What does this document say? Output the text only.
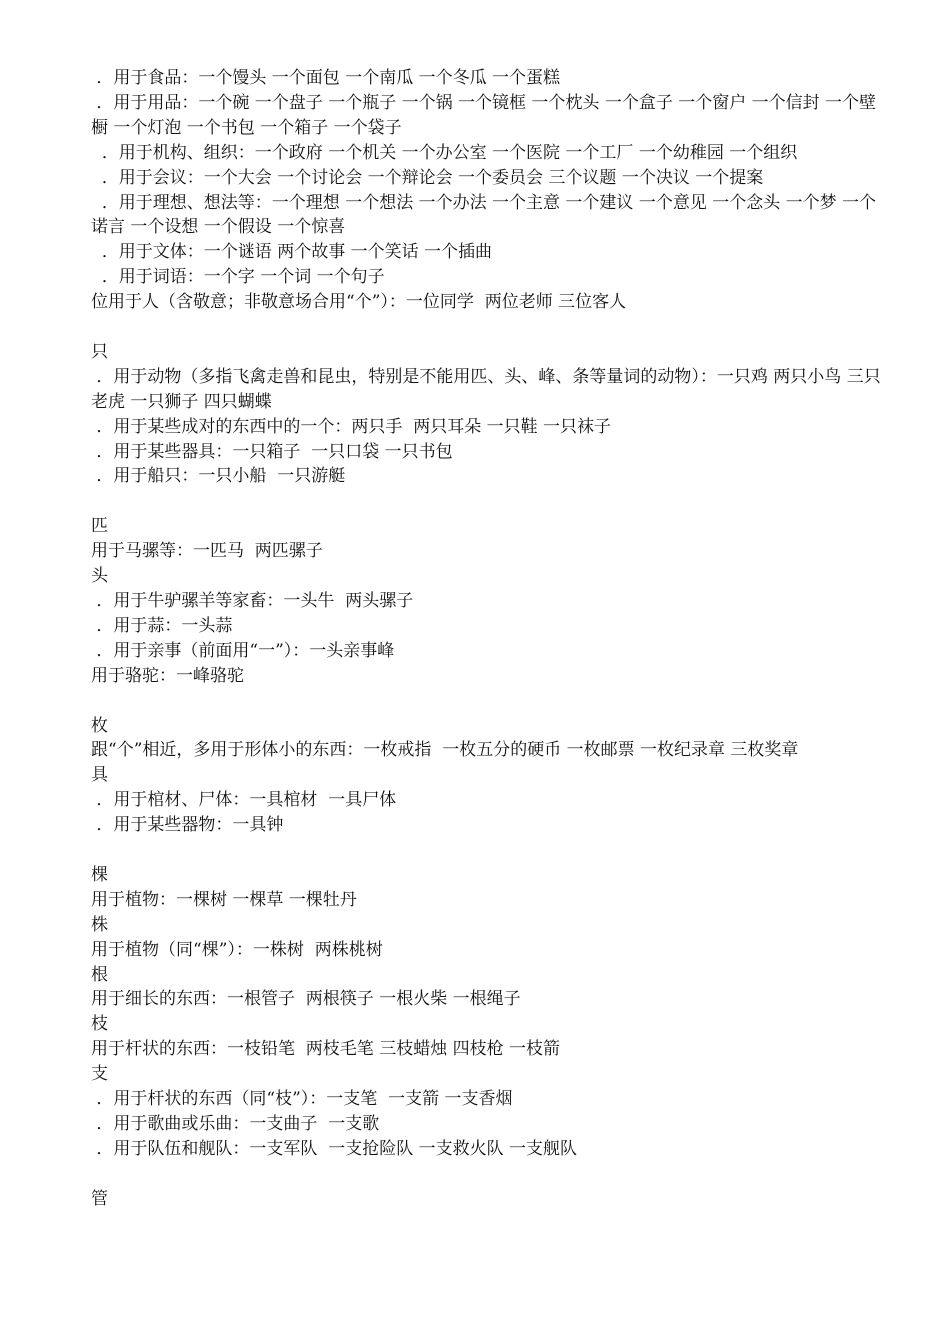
．用于食品：一个馒头 一个面包 一个南瓜 一个冬瓜 一个蛋糕

．用于用品：一个碗 一个盘子 一个瓶子 一个锅 一个镜框 一个枕头 一个盒子 一个窗户 一个信封 一个壁橱 一个灯泡 一个书包 一个箱子 一个袋子

．用于机构、组织：一个政府 一个机关 一个办公室 一个医院 一个工厂 一个幼稚园 一个组织

．用于会议：一个大会 一个讨论会 一个辩论会 一个委员会 三个议题 一个决议 一个提案

．用于理想、想法等：一个理想 一个想法 一个办法 一个主意 一个建议 一个意见 一个念头 一个梦 一个诺言 一个设想 一个假设 一个惊喜

．用于文体：一个谜语 两个故事 一个笑话 一个插曲

．用于词语：一个字 一个词 一个句子

位用于人（含敬意；非敬意场合用“个”）：一位同学  两位老师 三位客人

只

．用于动物（多指飞禽走兽和昆虫，特别是不能用匹、头、峰、条等量词的动物）：一只鸡 两只小鸟 三只老虎 一只狮子 四只蝴蝶

．用于某些成对的东西中的一个：两只手  两只耳朵 一只鞋 一只袜子

．用于某些器具：一只箱子  一只口袋 一只书包

．用于船只：一只小船  一只游艇

匹

用于马骡等：一匹马  两匹骡子

头

．用于牛驴骡羊等家畜：一头牛  两头骡子

．用于蒜：一头蒜

．用于亲事（前面用“一”）：一头亲事峰

用于骆驼：一峰骆驼

枚

跟“个”相近，多用于形体小的东西：一枚戒指  一枚五分的硬币 一枚邮票 一枚纪录章 三枚奖章

具

．用于棺材、尸体：一具棺材  一具尸体

．用于某些器物：一具钟

棵

用于植物：一棵树 一棵草 一棵牡丹

株

用于植物（同“棵”）：一株树  两株桃树

根

用于细长的东西：一根管子  两根筷子 一根火柴 一根绳子

枝

用于杆状的东西：一枝铅笔  两枝毛笔 三枝蜡烛 四枝枪 一枝箭

支

．用于杆状的东西（同“枝”）：一支笔  一支箭 一支香烟

．用于歌曲或乐曲：一支曲子  一支歌

．用于队伍和舰队：一支军队  一支抢险队 一支救火队 一支舰队

管
